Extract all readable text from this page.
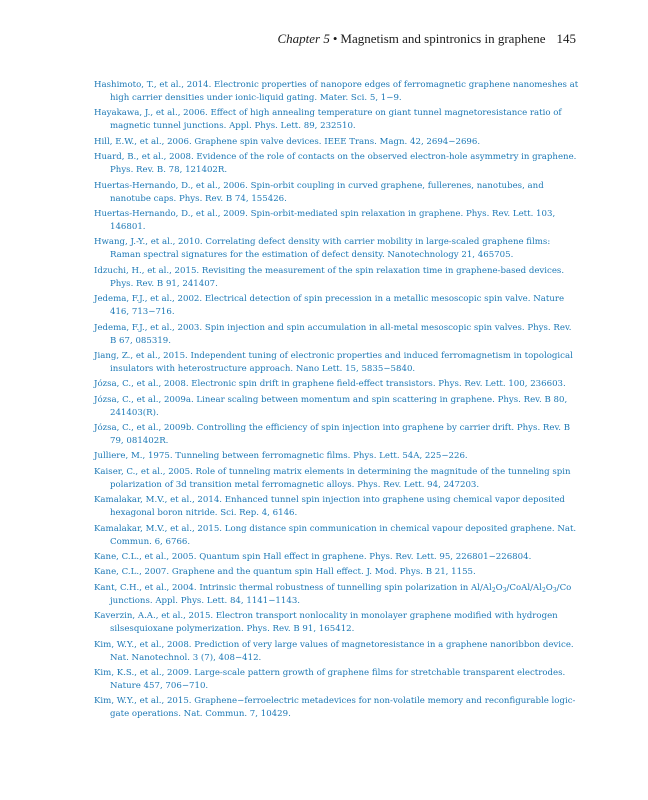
Chapter 5 • Magnetism and spintronics in graphene 145
Hashimoto, T., et al., 2014. Electronic properties of nanopore edges of ferromagnetic graphene nanomeshes at high carrier densities under ionic-liquid gating. Mater. Sci. 5, 1−9.
Hayakawa, J., et al., 2006. Effect of high annealing temperature on giant tunnel magnetoresistance ratio of magnetic tunnel junctions. Appl. Phys. Lett. 89, 232510.
Hill, E.W., et al., 2006. Graphene spin valve devices. IEEE Trans. Magn. 42, 2694−2696.
Huard, B., et al., 2008. Evidence of the role of contacts on the observed electron-hole asymmetry in graphene. Phys. Rev. B. 78, 121402R.
Huertas-Hernando, D., et al., 2006. Spin-orbit coupling in curved graphene, fullerenes, nanotubes, and nanotube caps. Phys. Rev. B 74, 155426.
Huertas-Hernando, D., et al., 2009. Spin-orbit-mediated spin relaxation in graphene. Phys. Rev. Lett. 103, 146801.
Hwang, J.-Y., et al., 2010. Correlating defect density with carrier mobility in large-scaled graphene films: Raman spectral signatures for the estimation of defect density. Nanotechnology 21, 465705.
Idzuchi, H., et al., 2015. Revisiting the measurement of the spin relaxation time in graphene-based devices. Phys. Rev. B 91, 241407.
Jedema, F.J., et al., 2002. Electrical detection of spin precession in a metallic mesoscopic spin valve. Nature 416, 713−716.
Jedema, F.J., et al., 2003. Spin injection and spin accumulation in all-metal mesoscopic spin valves. Phys. Rev. B 67, 085319.
Jiang, Z., et al., 2015. Independent tuning of electronic properties and induced ferromagnetism in topological insulators with heterostructure approach. Nano Lett. 15, 5835−5840.
Józsa, C., et al., 2008. Electronic spin drift in graphene field-effect transistors. Phys. Rev. Lett. 100, 236603.
Józsa, C., et al., 2009a. Linear scaling between momentum and spin scattering in graphene. Phys. Rev. B 80, 241403(R).
Józsa, C., et al., 2009b. Controlling the efficiency of spin injection into graphene by carrier drift. Phys. Rev. B 79, 081402R.
Julliere, M., 1975. Tunneling between ferromagnetic films. Phys. Lett. 54A, 225−226.
Kaiser, C., et al., 2005. Role of tunneling matrix elements in determining the magnitude of the tunneling spin polarization of 3d transition metal ferromagnetic alloys. Phys. Rev. Lett. 94, 247203.
Kamalakar, M.V., et al., 2014. Enhanced tunnel spin injection into graphene using chemical vapor deposited hexagonal boron nitride. Sci. Rep. 4, 6146.
Kamalakar, M.V., et al., 2015. Long distance spin communication in chemical vapour deposited graphene. Nat. Commun. 6, 6766.
Kane, C.L., et al., 2005. Quantum spin Hall effect in graphene. Phys. Rev. Lett. 95, 226801−226804.
Kane, C.L., 2007. Graphene and the quantum spin Hall effect. J. Mod. Phys. B 21, 1155.
Kant, C.H., et al., 2004. Intrinsic thermal robustness of tunnelling spin polarization in $Al/Al_2O_3/CoAl/Al_2O_3/Co$ junctions. Appl. Phys. Lett. 84, 1141−1143.
Kaverzin, A.A., et al., 2015. Electron transport nonlocality in monolayer graphene modified with hydrogen silsesquioxane polymerization. Phys. Rev. B 91, 165412.
Kim, W.Y., et al., 2008. Prediction of very large values of magnetoresistance in a graphene nanoribbon device. Nat. Nanotechnol. 3 (7), 408−412.
Kim, K.S., et al., 2009. Large-scale pattern growth of graphene films for stretchable transparent electrodes. Nature 457, 706−710.
Kim, W.Y., et al., 2015. Graphene−ferroelectric metadevices for non-volatile memory and reconfigurable logic-gate operations. Nat. Commun. 7, 10429.
